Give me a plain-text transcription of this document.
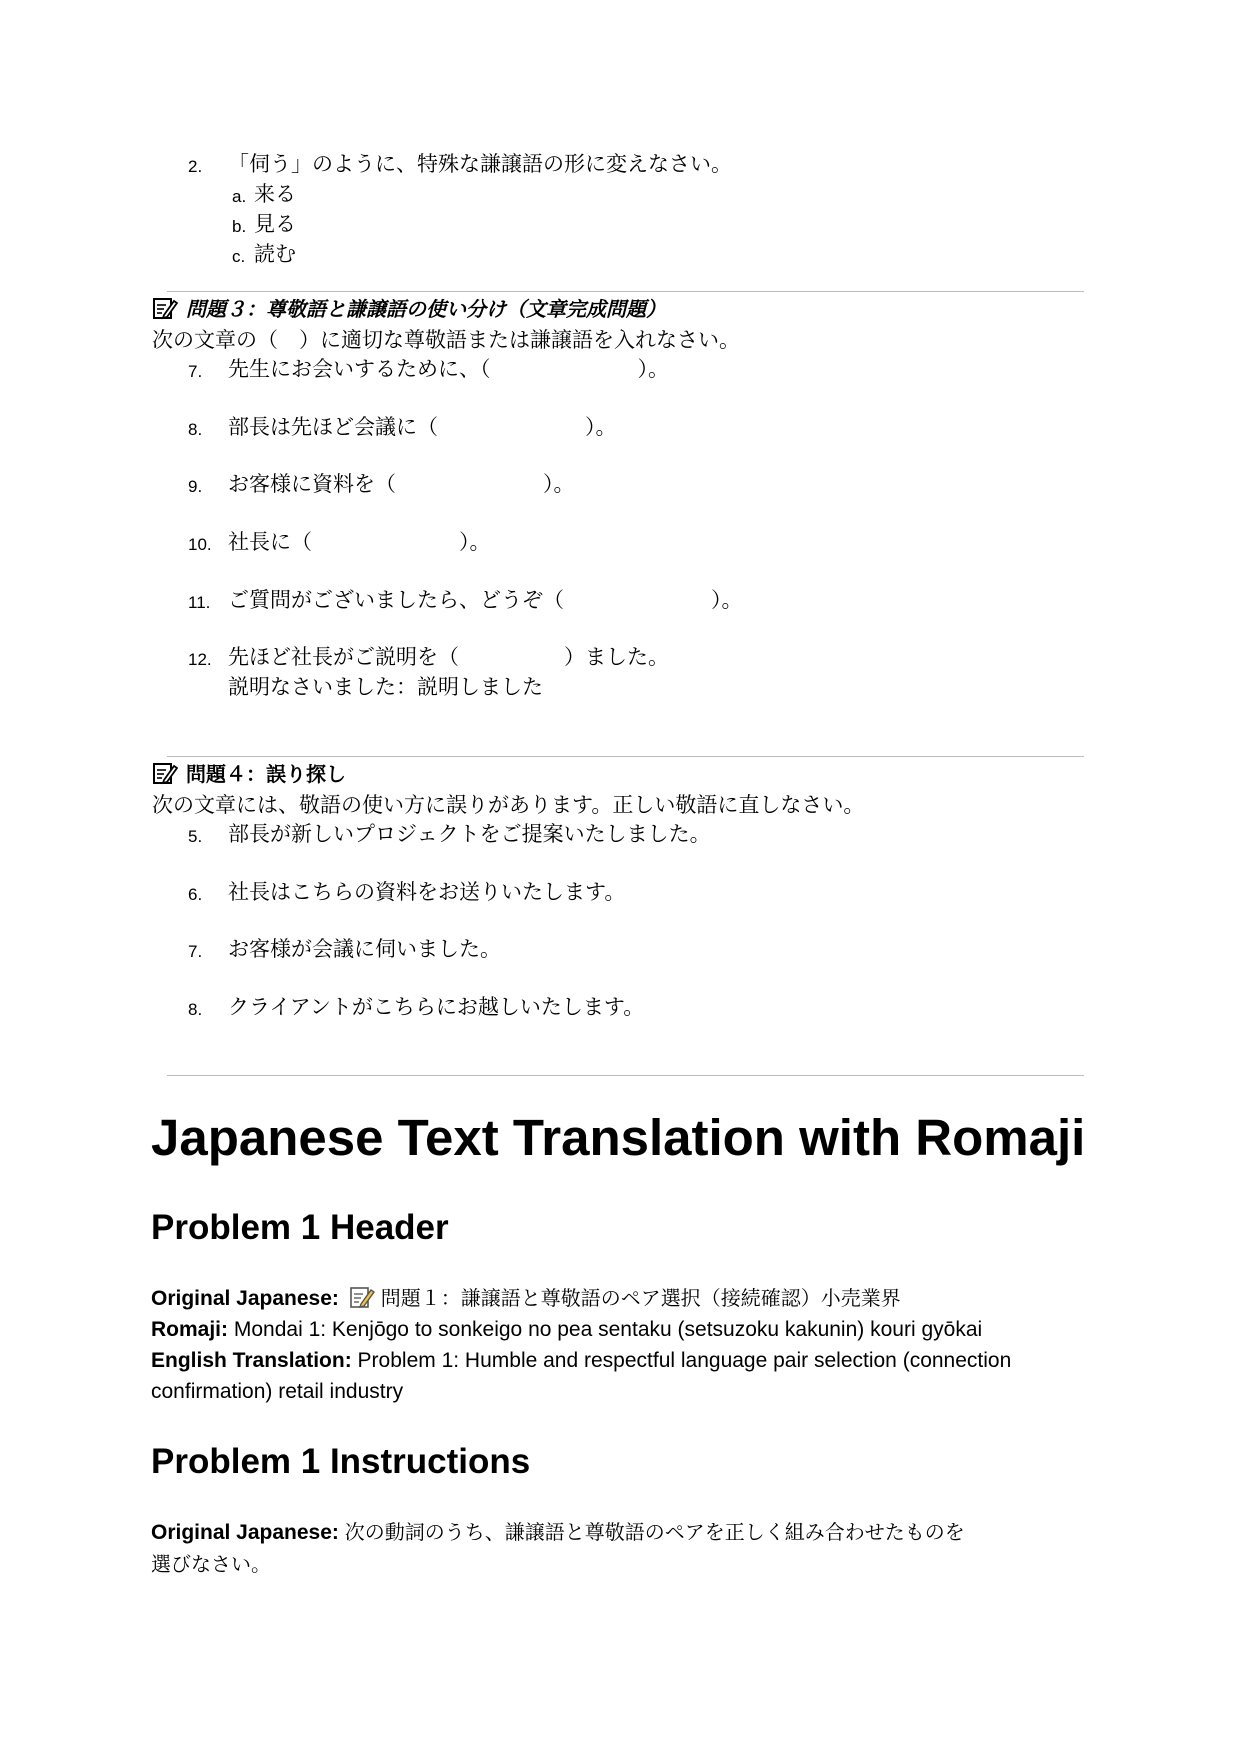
2. 「伺う」のように、特殊な謙譲語の形に変えなさい。
a. 来る
b. 見る
c. 読む
問題３：尊敬語と謙譲語の使い分け（文章完成問題）
次の文章の（　）に適切な尊敬語または謙譲語を入れなさい。
7. 先生にお会いするために、（　　　　　　　）。
8. 部長は先ほど会議に（　　　　　　　）。
9. お客様に資料を（　　　　　　　）。
10. 社長に（　　　　　　　）。
11. ご質問がございましたら、どうぞ（　　　　　　　）。
12. 先ほど社長がご説明を（　　　　　）ました。
説明なさいました：説明しました
問題４：誤り探し
次の文章には、敬語の使い方に誤りがあります。正しい敬語に直しなさい。
5. 部長が新しいプロジェクトをご提案いたしました。
6. 社長はこちらの資料をお送りいたします。
7. お客様が会議に伺いました。
8. クライアントがこちらにお越しいたします。
Japanese Text Translation with Romaji
Problem 1 Header
Original Japanese: 問題１：謙譲語と尊敬語のペア選択（接続確認）小売業界
Romaji: Mondai 1: Kenjōgo to sonkeigo no pea sentaku (setsuzoku kakunin) kouri gyōkai
English Translation: Problem 1: Humble and respectful language pair selection (connection
confirmation) retail industry
Problem 1 Instructions
Original Japanese: 次の動詞のうち、謙譲語と尊敬語のペアを正しく組み合わせたものを
選びなさい。
